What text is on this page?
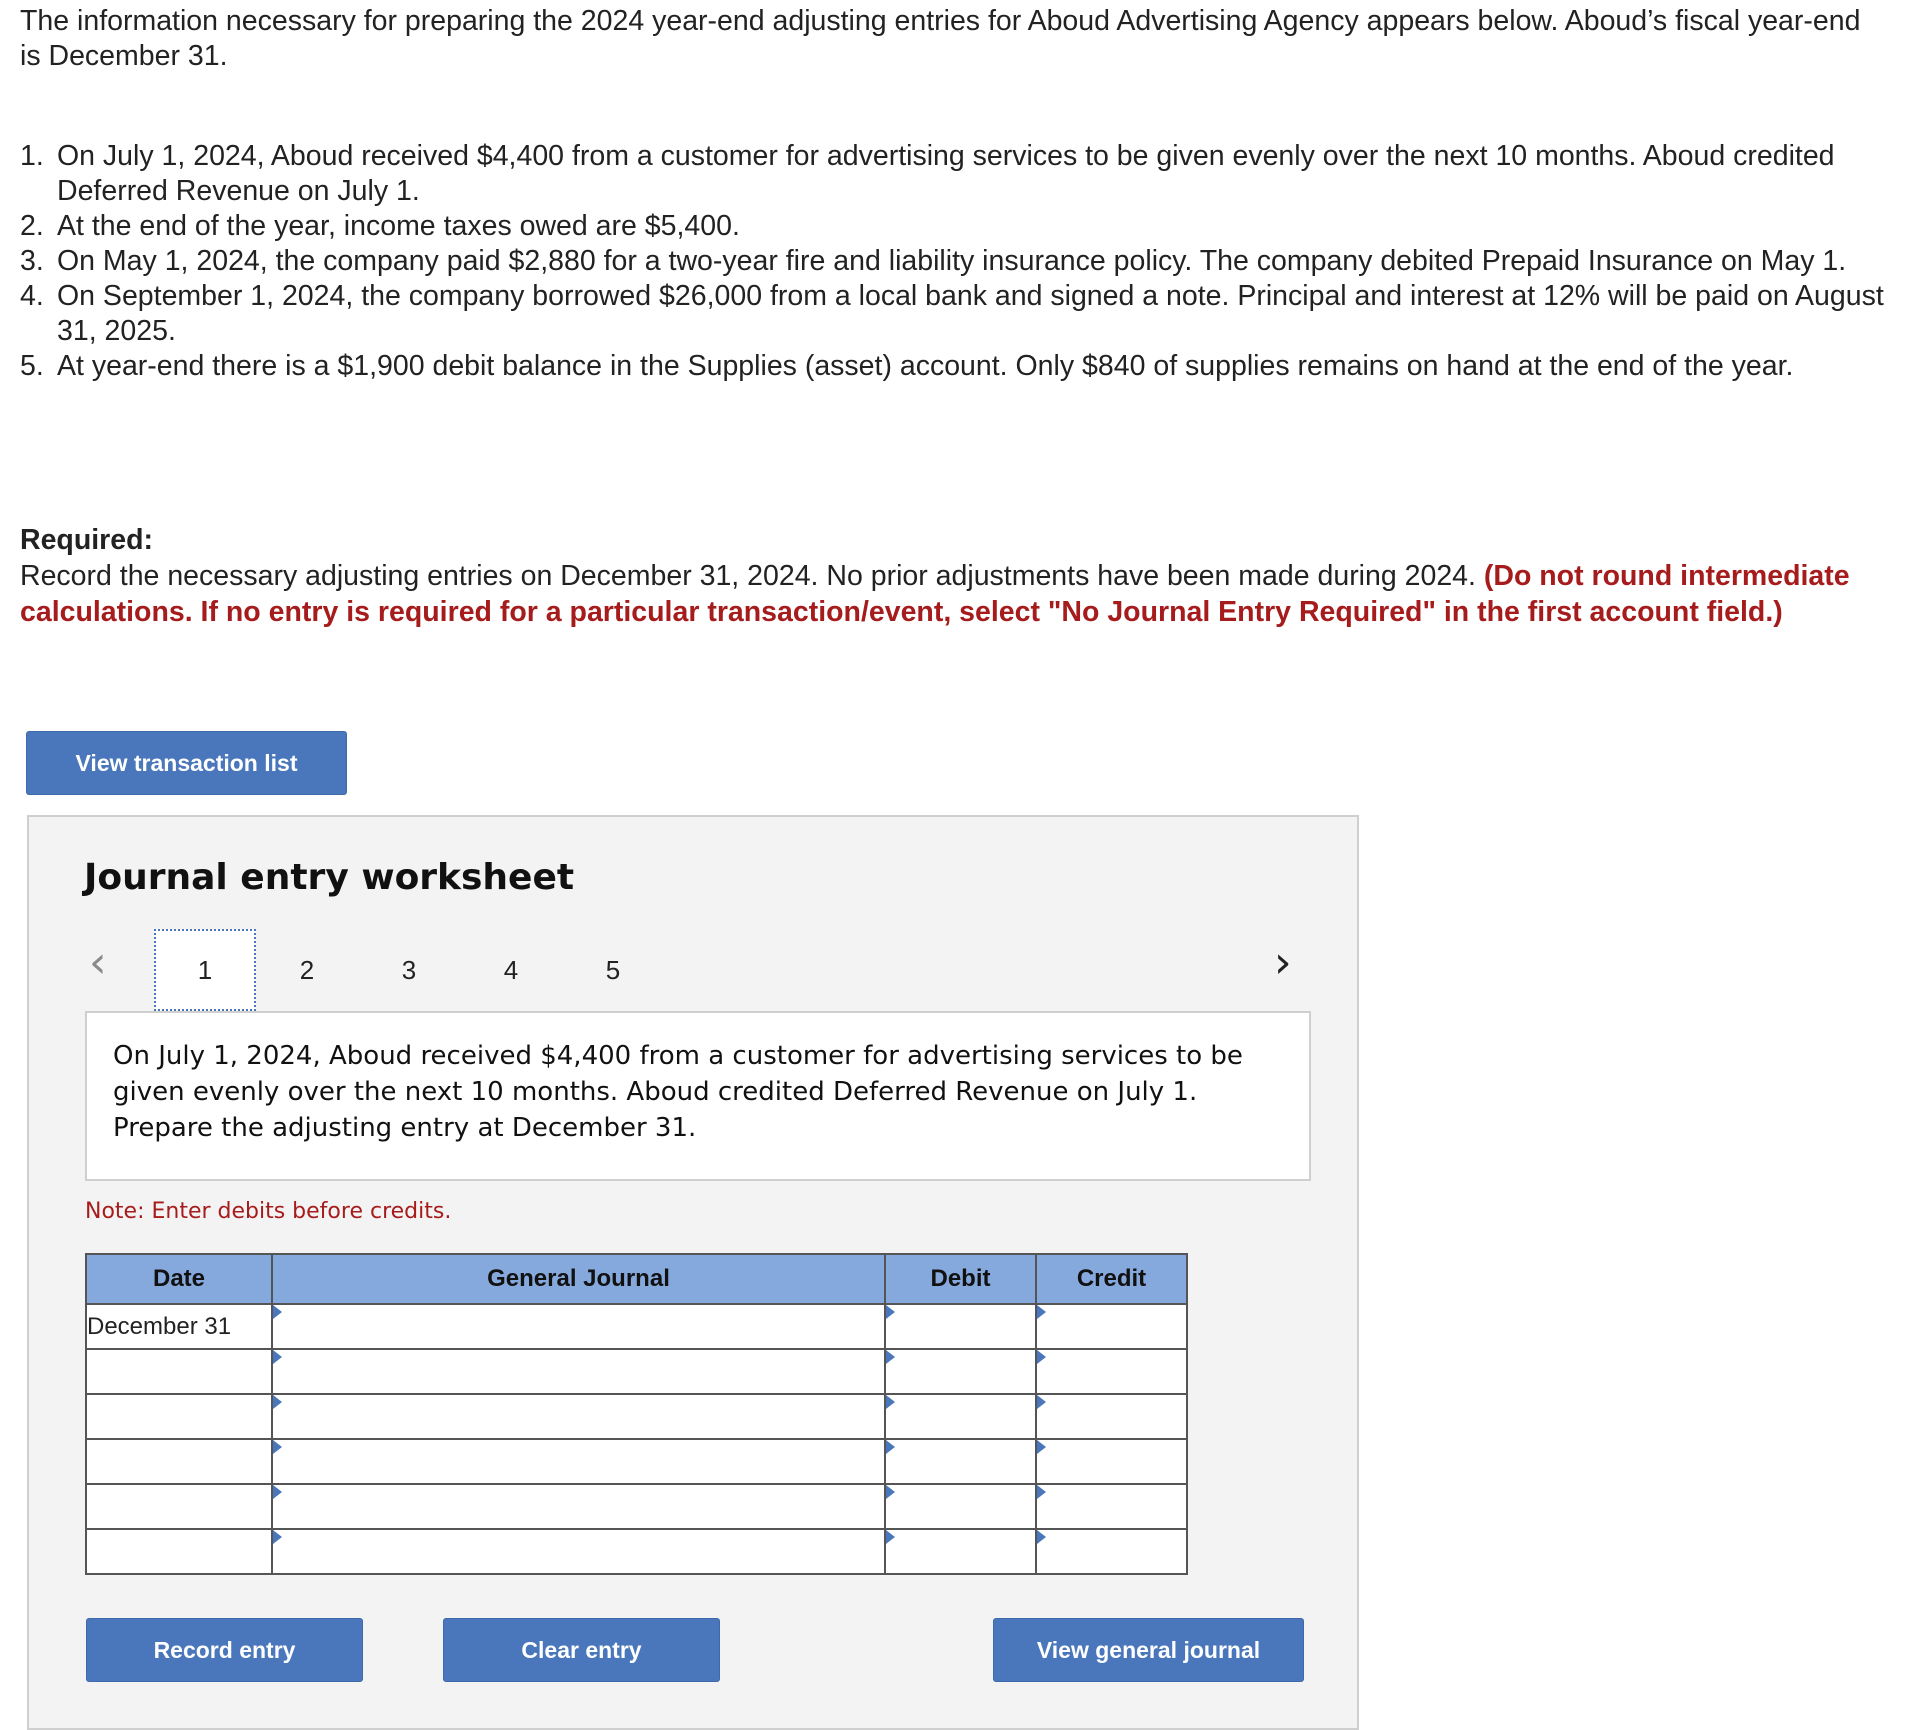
The information necessary for preparing the 2024 year-end adjusting entries for Aboud Advertising Agency appears below. Aboud’s fiscal year-end is December 31.

1. On July 1, 2024, Aboud received $4,400 from a customer for advertising services to be given evenly over the next 10 months. Aboud credited Deferred Revenue on July 1.
2. At the end of the year, income taxes owed are $5,400.
3. On May 1, 2024, the company paid $2,880 for a two-year fire and liability insurance policy. The company debited Prepaid Insurance on May 1.
4. On September 1, 2024, the company borrowed $26,000 from a local bank and signed a note. Principal and interest at 12% will be paid on August 31, 2025.
5. At year-end there is a $1,900 debit balance in the Supplies (asset) account. Only $840 of supplies remains on hand at the end of the year.
Required:
Record the necessary adjusting entries on December 31, 2024. No prior adjustments have been made during 2024. (Do not round intermediate calculations. If no entry is required for a particular transaction/event, select "No Journal Entry Required" in the first account field.)
View transaction list
Journal entry worksheet
‹	›
1	2	3	4	5
On July 1, 2024, Aboud received $4,400 from a customer for advertising services to be given evenly over the next 10 months. Aboud credited Deferred Revenue on July 1. Prepare the adjusting entry at December 31.
Note: Enter debits before credits.
Date	General Journal	Debit	Credit
December 31	

Record entry	Clear entry	View general journal
